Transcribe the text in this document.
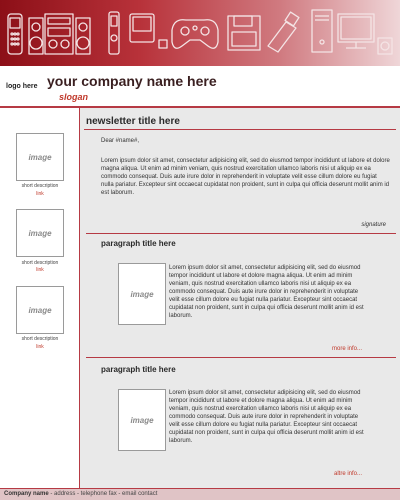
logo here your company name here
slogan
image
short description
link
image
short description
link
image
short description
link
newsletter title here
Dear #name#,
Lorem ipsum dolor sit amet, consectetur adipisicing elit, sed do eiusmod tempor incididunt ut labore et dolore magna aliqua. Ut enim ad minim veniam, quis nostrud exercitation ullamco laboris nisi ut aliquip ex ea commodo consequat. Duis aute irure dolor in reprehenderit in voluptate velit esse cillum dolore eu fugiat nulla pariatur. Excepteur sint occaecat cupidatat non proident, sunt in culpa qui officia deserunt mollit anim id est laborum.
signature
paragraph title here
image
Lorem ipsum dolor sit amet, consectetur adipisicing elit, sed do eiusmod tempor incididunt ut labore et dolore magna aliqua. Ut enim ad minim veniam, quis nostrud exercitation ullamco laboris nisi ut aliquip ex ea commodo consequat. Duis aute irure dolor in reprehenderit in voluptate velit esse cillum dolore eu fugiat nulla pariatur. Excepteur sint occaecat cupidatat non proident, sunt in culpa qui officia deserunt mollit anim id est laborum.
more info...
paragraph title here
image
Lorem ipsum dolor sit amet, consectetur adipisicing elit, sed do eiusmod tempor incididunt ut labore et dolore magna aliqua. Ut enim ad minim veniam, quis nostrud exercitation ullamco laboris nisi ut aliquip ex ea commodo consequat. Duis aute irure dolor in reprehenderit in voluptate velit esse cillum dolore eu fugiat nulla pariatur. Excepteur sint occaecat cupidatat non proident, sunt in culpa qui officia deserunt mollit anim id est laborum.
altre info...
Company name - address - telephone fax - email contact
